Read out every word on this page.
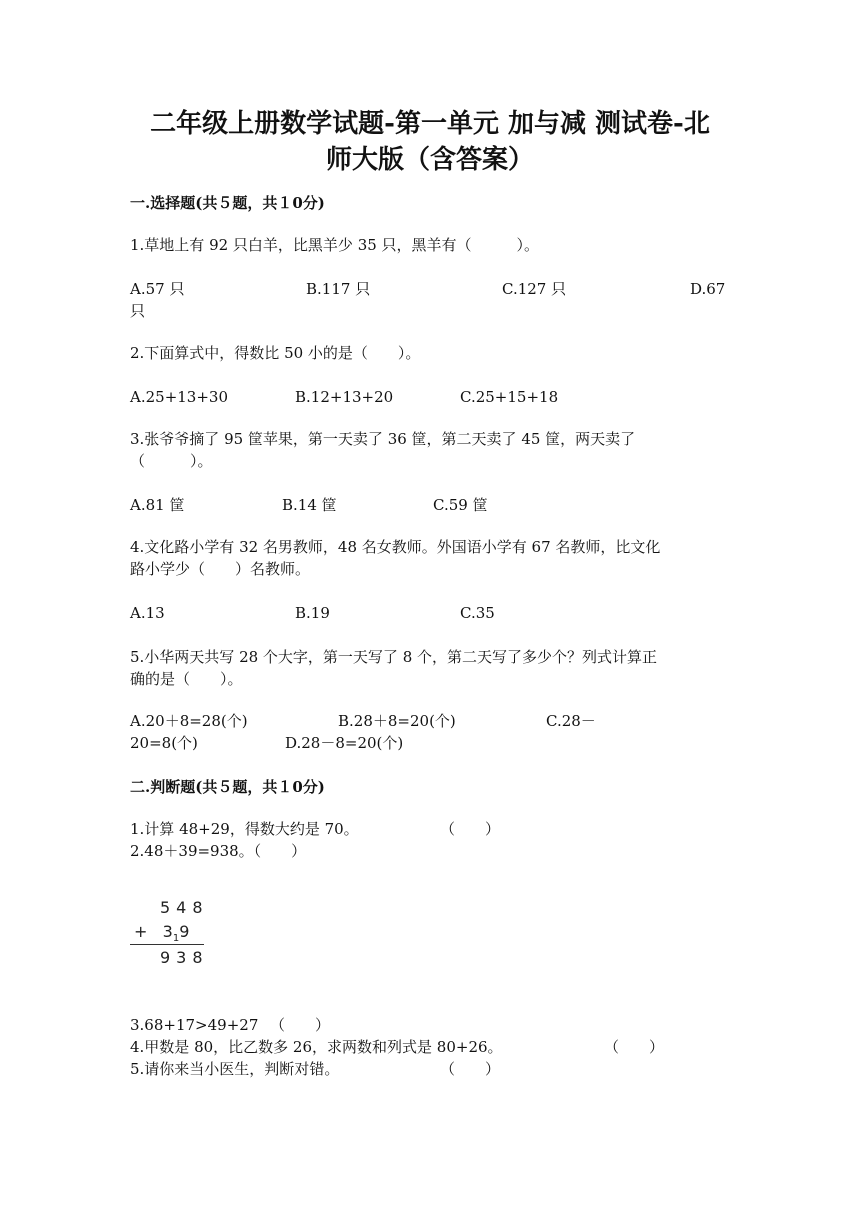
二年级上册数学试题-第一单元 加与减 测试卷-北
师大版（含答案）
一.选择题(共５题，共１0分)
1.草地上有 92 只白羊，比黑羊少 35 只，黑羊有（　　　）。
A.57 只	B.117 只	C.127 只	D.67
只
2.下面算式中，得数比 50 小的是（　　）。
A.25+13+30	B.12+13+20	C.25+15+18
3.张爷爷摘了 95 筐苹果，第一天卖了 36 筐，第二天卖了 45 筐，两天卖了
（　　　）。
A.81 筐	B.14 筐	C.59 筐
4.文化路小学有 32 名男教师，48 名女教师。外国语小学有 67 名教师，比文化
路小学少（　　）名教师。
A.13	B.19	C.35
5.小华两天共写 28 个大字，第一天写了 8 个，第二天写了多少个？列式计算正
确的是（　　）。
A.20＋8=28(个)	B.28＋8=20(个)	C.28－
20=8(个)	D.28－8=20(个)
二.判断题(共５题，共１0分)
1.计算 48+29，得数大约是 70。	（　　）
2.48＋39=938。（　　）
548
+ $3_19$
938
3.68+17>49+27 （　　）
4.甲数是 80，比乙数多 26，求两数和列式是 80+26。	（　　）
5.请你来当小医生，判断对错。	（　　）
